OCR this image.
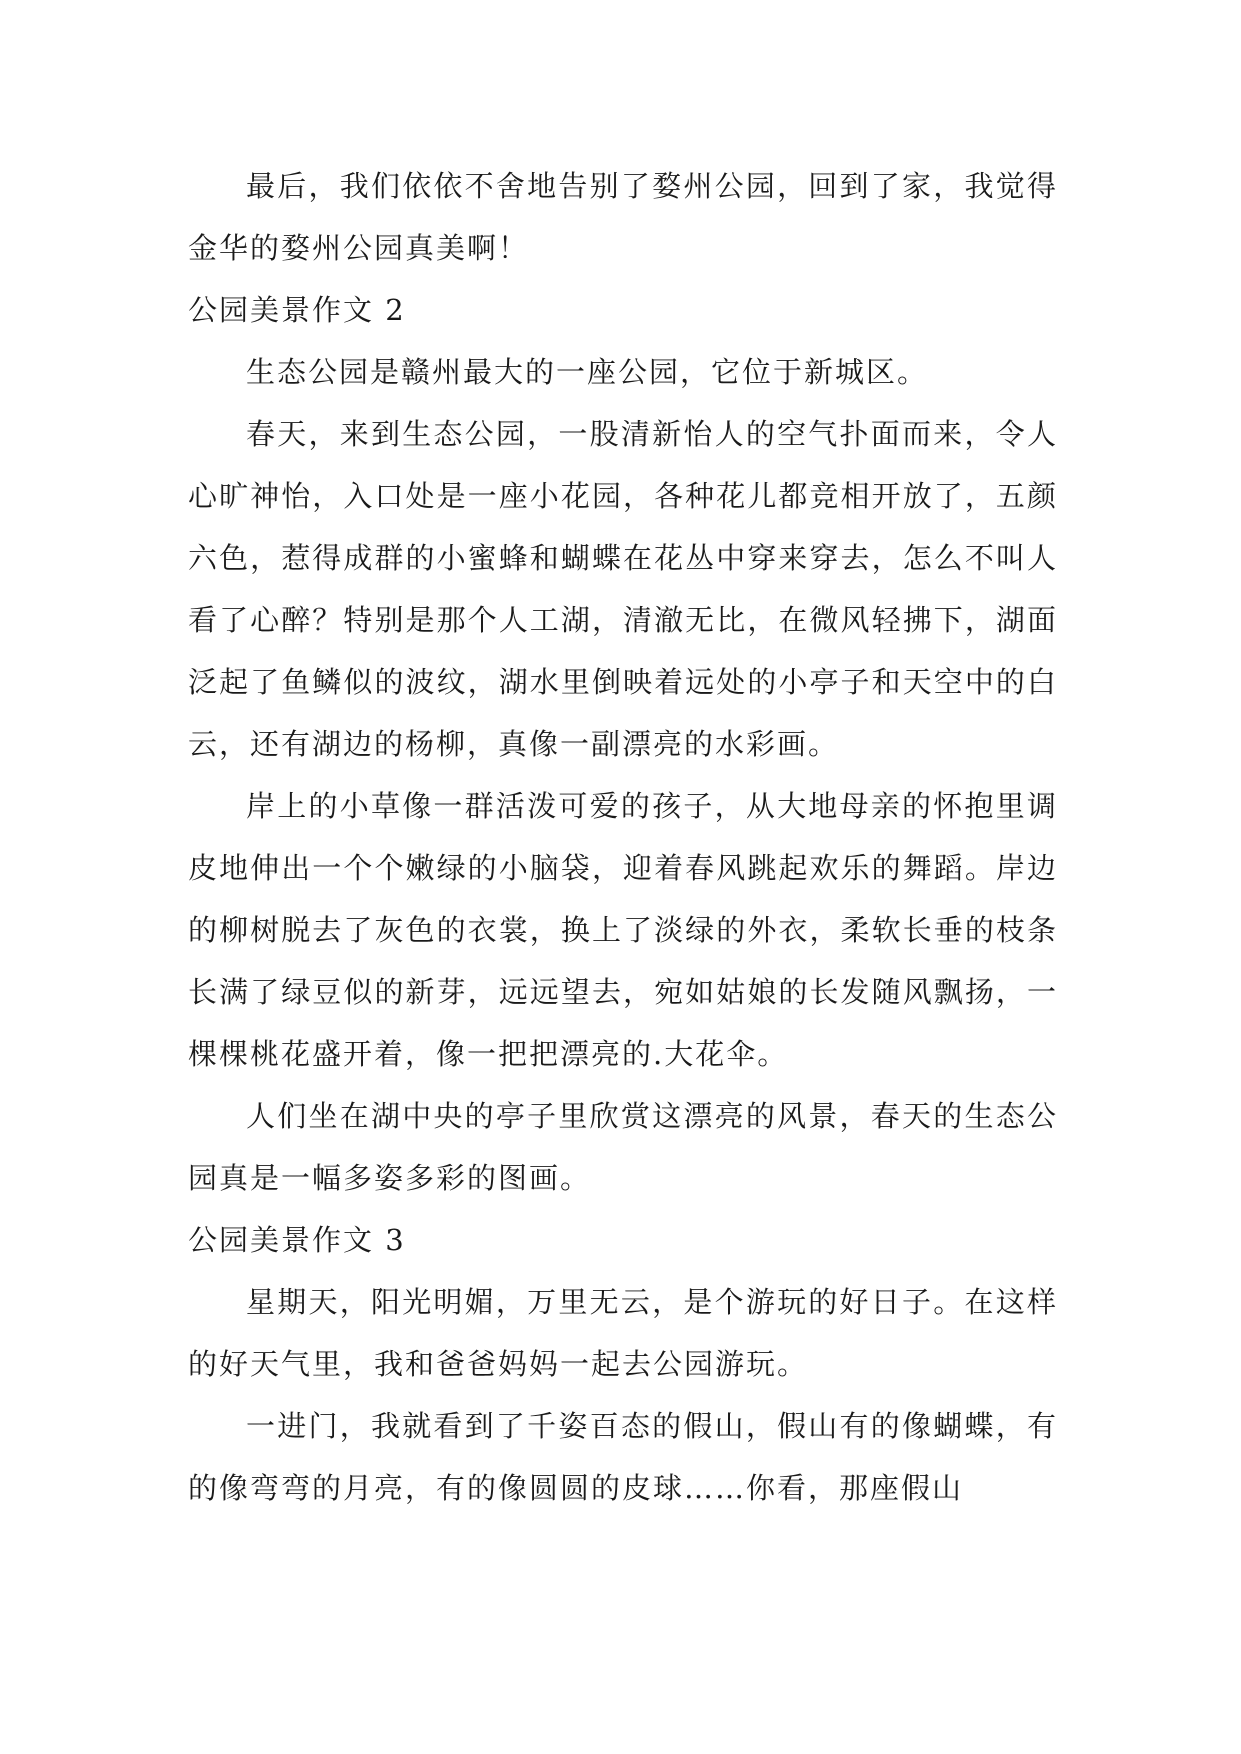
最后，我们依依不舍地告别了婺州公园，回到了家，我觉得金华的婺州公园真美啊！

公园美景作文 2

生态公园是赣州最大的一座公园，它位于新城区。

春天，来到生态公园，一股清新怡人的空气扑面而来，令人心旷神怡，入口处是一座小花园，各种花儿都竞相开放了，五颜六色，惹得成群的小蜜蜂和蝴蝶在花丛中穿来穿去，怎么不叫人看了心醉？特别是那个人工湖，清澈无比，在微风轻拂下，湖面泛起了鱼鳞似的波纹，湖水里倒映着远处的小亭子和天空中的白云，还有湖边的杨柳，真像一副漂亮的水彩画。

岸上的小草像一群活泼可爱的孩子，从大地母亲的怀抱里调皮地伸出一个个嫩绿的小脑袋，迎着春风跳起欢乐的舞蹈。岸边的柳树脱去了灰色的衣裳，换上了淡绿的外衣，柔软长垂的枝条长满了绿豆似的新芽，远远望去，宛如姑娘的长发随风飘扬，一棵棵桃花盛开着，像一把把漂亮的.大花伞。

人们坐在湖中央的亭子里欣赏这漂亮的风景，春天的生态公园真是一幅多姿多彩的图画。

公园美景作文 3

星期天，阳光明媚，万里无云，是个游玩的好日子。在这样的好天气里，我和爸爸妈妈一起去公园游玩。

一进门，我就看到了千姿百态的假山，假山有的像蝴蝶，有的像弯弯的月亮，有的像圆圆的皮球……你看，那座假山
